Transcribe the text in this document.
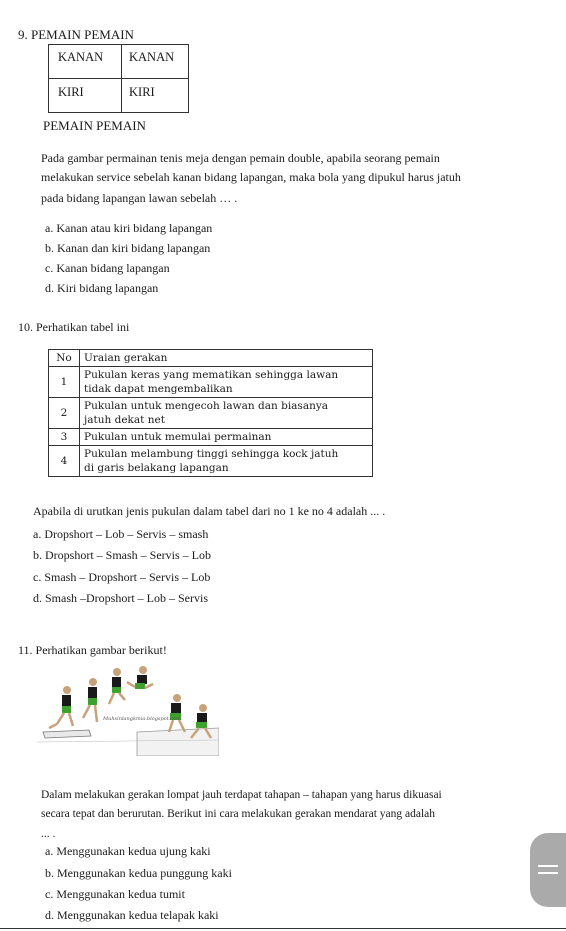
9. PEMAIN PEMAIN
KANAN KANAN
KIRI	KIRI
PEMAIN PEMAIN
Pada gambar permainan tenis meja dengan pemain double, apabila seorang pemain
melakukan service sebelah kanan bidang lapangan, maka bola yang dipukul harus jatuh
pada bidang lapangan lawan sebelah … .
a. Kanan atau kiri bidang lapangan
b. Kanan dan kiri bidang lapangan
c. Kanan bidang lapangan
d. Kiri bidang lapangan
10. Perhatikan tabel ini
No	Uraian gerakan
1	Pukulan keras yang mematikan sehingga lawan
tidak dapat mengembalikan

2	Pukulan untuk mengecoh lawan dan biasanya
jatuh dekat net

3	Pukulan untuk memulai permainan
4	Pukulan melambung tinggi sehingga kock jatuh
di garis belakang lapangan
Apabila di urutkan jenis pukulan dalam tabel dari no 1 ke no 4 adalah ... .
a. Dropshort – Lob – Servis – smash
b. Dropshort – Smash – Servis – Lob
c. Smash – Dropshort – Servis – Lob
d. Smash –Dropshort – Lob – Servis
11. Perhatikan gambar berikut!
Muhsinlangkmia.blogspot.com
Dalam melakukan gerakan lompat jauh terdapat tahapan – tahapan yang harus dikuasai
secara tepat dan berurutan. Berikut ini cara melakukan gerakan mendarat yang adalah
... .
a. Menggunakan kedua ujung kaki
b. Menggunakan kedua punggung kaki
c. Menggunakan kedua tumit
d. Menggunakan kedua telapak kaki
